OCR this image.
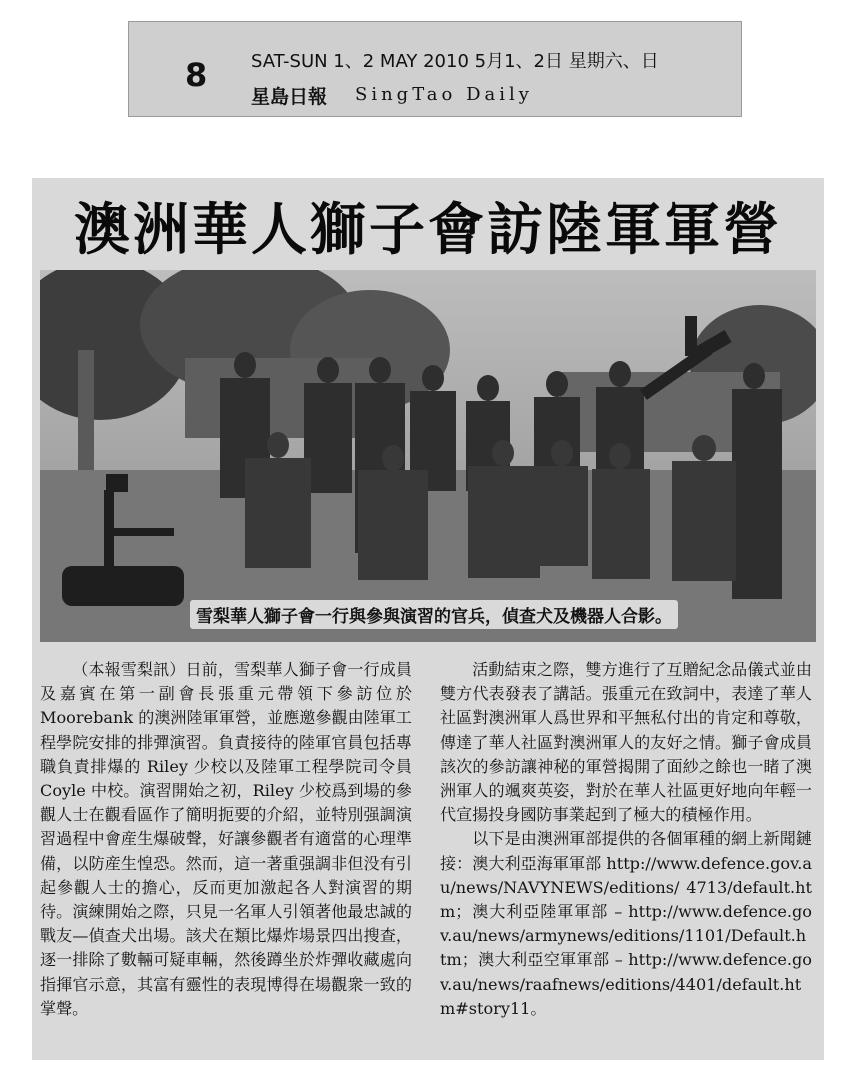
8 SAT-SUN 1、2 MAY 2010 5月1、2日 星期六、日
星島日報 SingTao Daily
澳洲華人獅子會訪陸軍軍營
雪梨華人獅子會一行與參與演習的官兵，偵查犬及機器人合影。

（本報雪梨訊）日前，雪梨華人獅子會一行成員及嘉賓在第一副會長張重元帶領下參訪位於 Moorebank 的澳洲陸軍軍營，並應邀參觀由陸軍工程學院安排的排彈演習。負責接待的陸軍官員包括專職負責排爆的 Riley 少校以及陸軍工程學院司令員 Coyle 中校。演習開始之初，Riley 少校爲到場的參觀人士在觀看區作了簡明扼要的介紹，並特別强調演習過程中會産生爆破聲，好讓參觀者有適當的心理準備，以防産生惶恐。然而，這一著重强調非但没有引起參觀人士的擔心，反而更加激起各人對演習的期待。演練開始之際，只見一名軍人引領著他最忠誠的戰友—偵查犬出場。該犬在類比爆炸場景四出搜查，逐一排除了數輛可疑車輛，然後蹲坐於炸彈收藏處向指揮官示意，其富有靈性的表現博得在場觀衆一致的掌聲。

活動結束之際，雙方進行了互贈紀念品儀式並由雙方代表發表了講話。張重元在致詞中，表達了華人社區對澳洲軍人爲世界和平無私付出的肯定和尊敬，傳達了華人社區對澳洲軍人的友好之情。獅子會成員該次的參訪讓神秘的軍營揭開了面紗之餘也一睹了澳洲軍人的颯爽英姿，對於在華人社區更好地向年輕一代宣揚投身國防事業起到了極大的積極作用。

以下是由澳洲軍部提供的各個軍種的網上新聞鏈接：澳大利亞海軍軍部 http://www.defence.gov.au/news/NAVYNEWS/editions/ 4713/default.htm；澳大利亞陸軍軍部 – http://www.defence.gov.au/news/armynews/editions/1101/Default.htm；澳大利亞空軍軍部 – http://www.defence.gov.au/news/raafnews/editions/4401/default.htm#story11。
